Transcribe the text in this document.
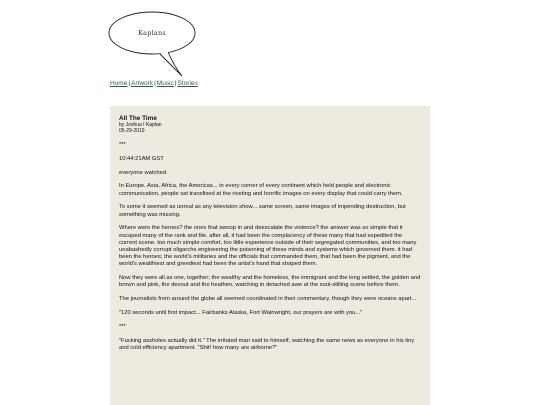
Kaplans
Home|Artwork|Music|Stories
All The Time
by Joshua I Kaplan
05-29-2019

***

10:44:21AM GST

everyone watched.

In Europe, Asia, Africa, the Americas... in every corner of every continent which held people and electronic communication, people sat transfixed at the riveting and horrific images on every display that could carry them.

To some it seemed as unreal as any television show... same screen, same images of impending destruction, but something was missing.

Where were the heroes? the ones that swoop in and deescalate the violence? the answer was so simple that it escaped many of the rank and file. after all, it had been the complacency of these many that had expedited the current scene. too much simple comfort, too little experience outside of their segregated communities, and too many unabashedly corrupt oligarchs engineering the poisoning of these minds and systems which governed them. it had been the heroes; the world's militaries and the officials that commanded them, that had been the pigment, and the world's wealthiest and greediest had been the artist's hand that shaped them.

Now they were all as one, together; the wealthy and the homeless, the immigrant and the long settled, the golden and brown and pink, the devout and the heathen, watching in detached awe at the soul-stilling scene before them.

The journalists from around the globe all seemed coordinated in their commentary, though they were oceans apart...

"120 seconds until first impact... Fairbanks Alaska, Fort Wainwright, our prayers are with you..."

***

"Fucking assholes actually did it." The irritated man said to himself, watching the same news as everyone in his tiny and cold efficiency apartment. "Shit! how many are airborne?"
